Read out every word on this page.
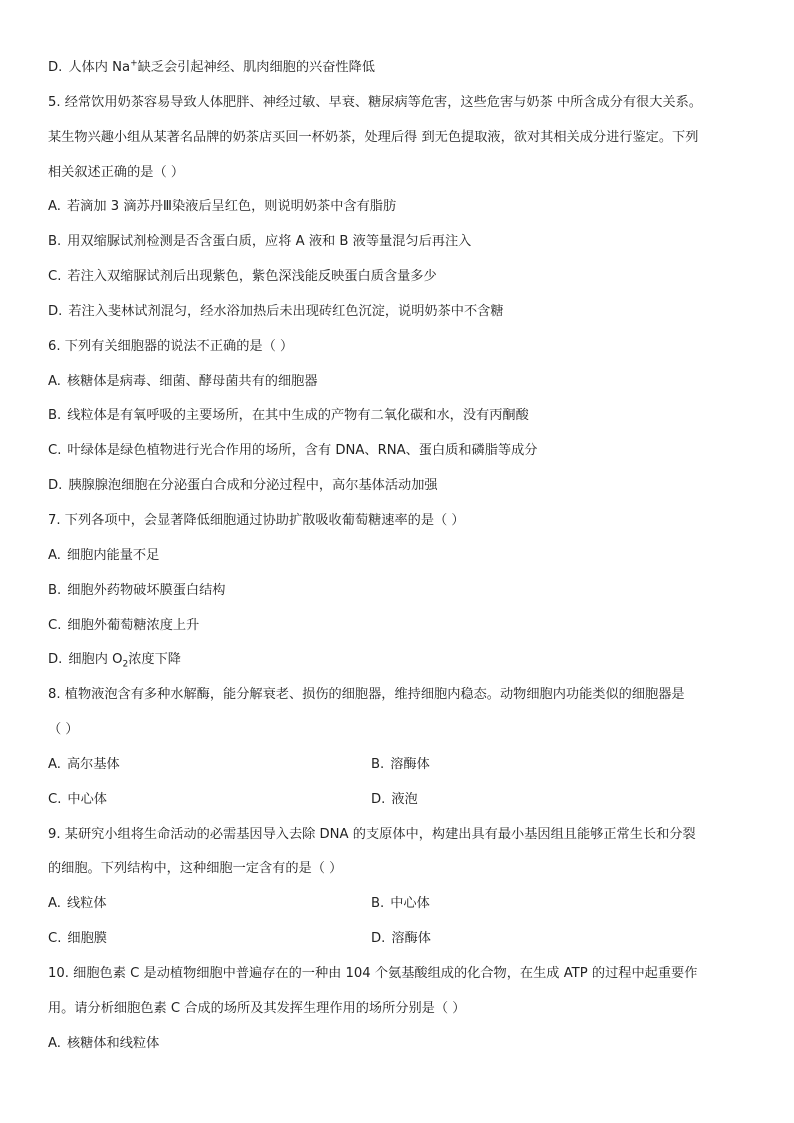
D. 人体内 Na+缺乏会引起神经、肌肉细胞的兴奋性降低
5. 经常饮用奶茶容易导致人体肥胖、神经过敏、早衰、糖尿病等危害，这些危害与奶茶 中所含成分有很大关系。
某生物兴趣小组从某著名品牌的奶茶店买回一杯奶茶，处理后得 到无色提取液，欲对其相关成分进行鉴定。下列
相关叙述正确的是（ ）
A. 若滴加 3 滴苏丹Ⅲ染液后呈红色，则说明奶茶中含有脂肪
B. 用双缩脲试剂检测是否含蛋白质，应将 A 液和 B 液等量混匀后再注入
C. 若注入双缩脲试剂后出现紫色，紫色深浅能反映蛋白质含量多少
D. 若注入斐林试剂混匀，经水浴加热后未出现砖红色沉淀，说明奶茶中不含糖
6. 下列有关细胞器的说法不正确的是（ ）
A. 核糖体是病毒、细菌、酵母菌共有的细胞器
B. 线粒体是有氧呼吸的主要场所，在其中生成的产物有二氧化碳和水，没有丙酮酸
C. 叶绿体是绿色植物进行光合作用的场所，含有 DNA、RNA、蛋白质和磷脂等成分
D. 胰腺腺泡细胞在分泌蛋白合成和分泌过程中，高尔基体活动加强
7. 下列各项中，会显著降低细胞通过协助扩散吸收葡萄糖速率的是（ ）
A. 细胞内能量不足
B. 细胞外药物破坏膜蛋白结构
C. 细胞外葡萄糖浓度上升
D. 细胞内 $O_2$浓度下降
8. 植物液泡含有多种水解酶，能分解衰老、损伤的细胞器，维持细胞内稳态。动物细胞内功能类似的细胞器是
（ ）
A. 高尔基体	B. 溶酶体
C. 中心体	D. 液泡
9. 某研究小组将生命活动的必需基因导入去除 DNA 的支原体中，构建出具有最小基因组且能够正常生长和分裂
的细胞。下列结构中，这种细胞一定含有的是（ ）
A. 线粒体	B. 中心体
C. 细胞膜	D. 溶酶体
10. 细胞色素 C 是动植物细胞中普遍存在的一种由 104 个氨基酸组成的化合物，在生成 ATP 的过程中起重要作
用。请分析细胞色素 C 合成的场所及其发挥生理作用的场所分别是（ ）
A. 核糖体和线粒体
